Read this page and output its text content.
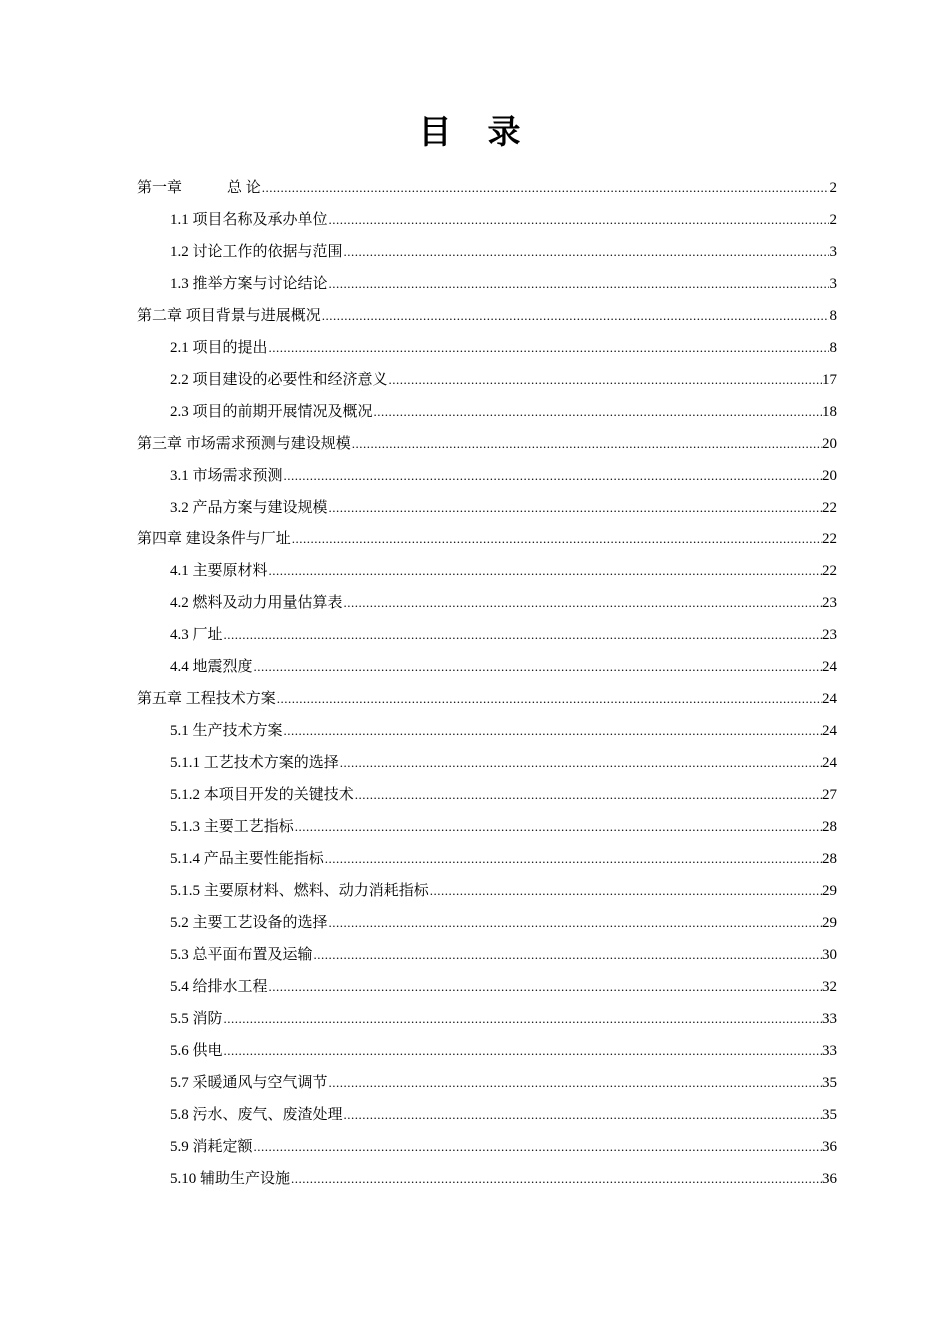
目录
第一章　　　总 论 .....	2
1.1 项目名称及承办单位 .....	2
1.2 讨论工作的依据与范围 .....	3
1.3 推举方案与讨论结论 .....	3
第二章 项目背景与进展概况 .....	8
2.1 项目的提出 .....	8
2.2 项目建设的必要性和经济意义 .....	17
2.3 项目的前期开展情况及概况 .....	18
第三章 市场需求预测与建设规模 .....	20
3.1 市场需求预测 .....	20
3.2 产品方案与建设规模 .....	22
第四章 建设条件与厂址 .....	22
4.1 主要原材料 .....	22
4.2 燃料及动力用量估算表 .....	23
4.3 厂址 .....	23
4.4 地震烈度 .....	24
第五章 工程技术方案 .....	24
5.1 生产技术方案 .....	24
5.1.1 工艺技术方案的选择 .....	24
5.1.2 本项目开发的关键技术 .....	27
5.1.3 主要工艺指标 .....	28
5.1.4 产品主要性能指标 .....	28
5.1.5 主要原材料、燃料、动力消耗指标 .....	29
5.2 主要工艺设备的选择 .....	29
5.3 总平面布置及运输 .....	30
5.4 给排水工程 .....	32
5.5 消防 .....	33
5.6 供电 .....	33
5.7 采暖通风与空气调节 .....	35
5.8 污水、废气、废渣处理 .....	35
5.9 消耗定额 .....	36
5.10 辅助生产设施 .....	36
